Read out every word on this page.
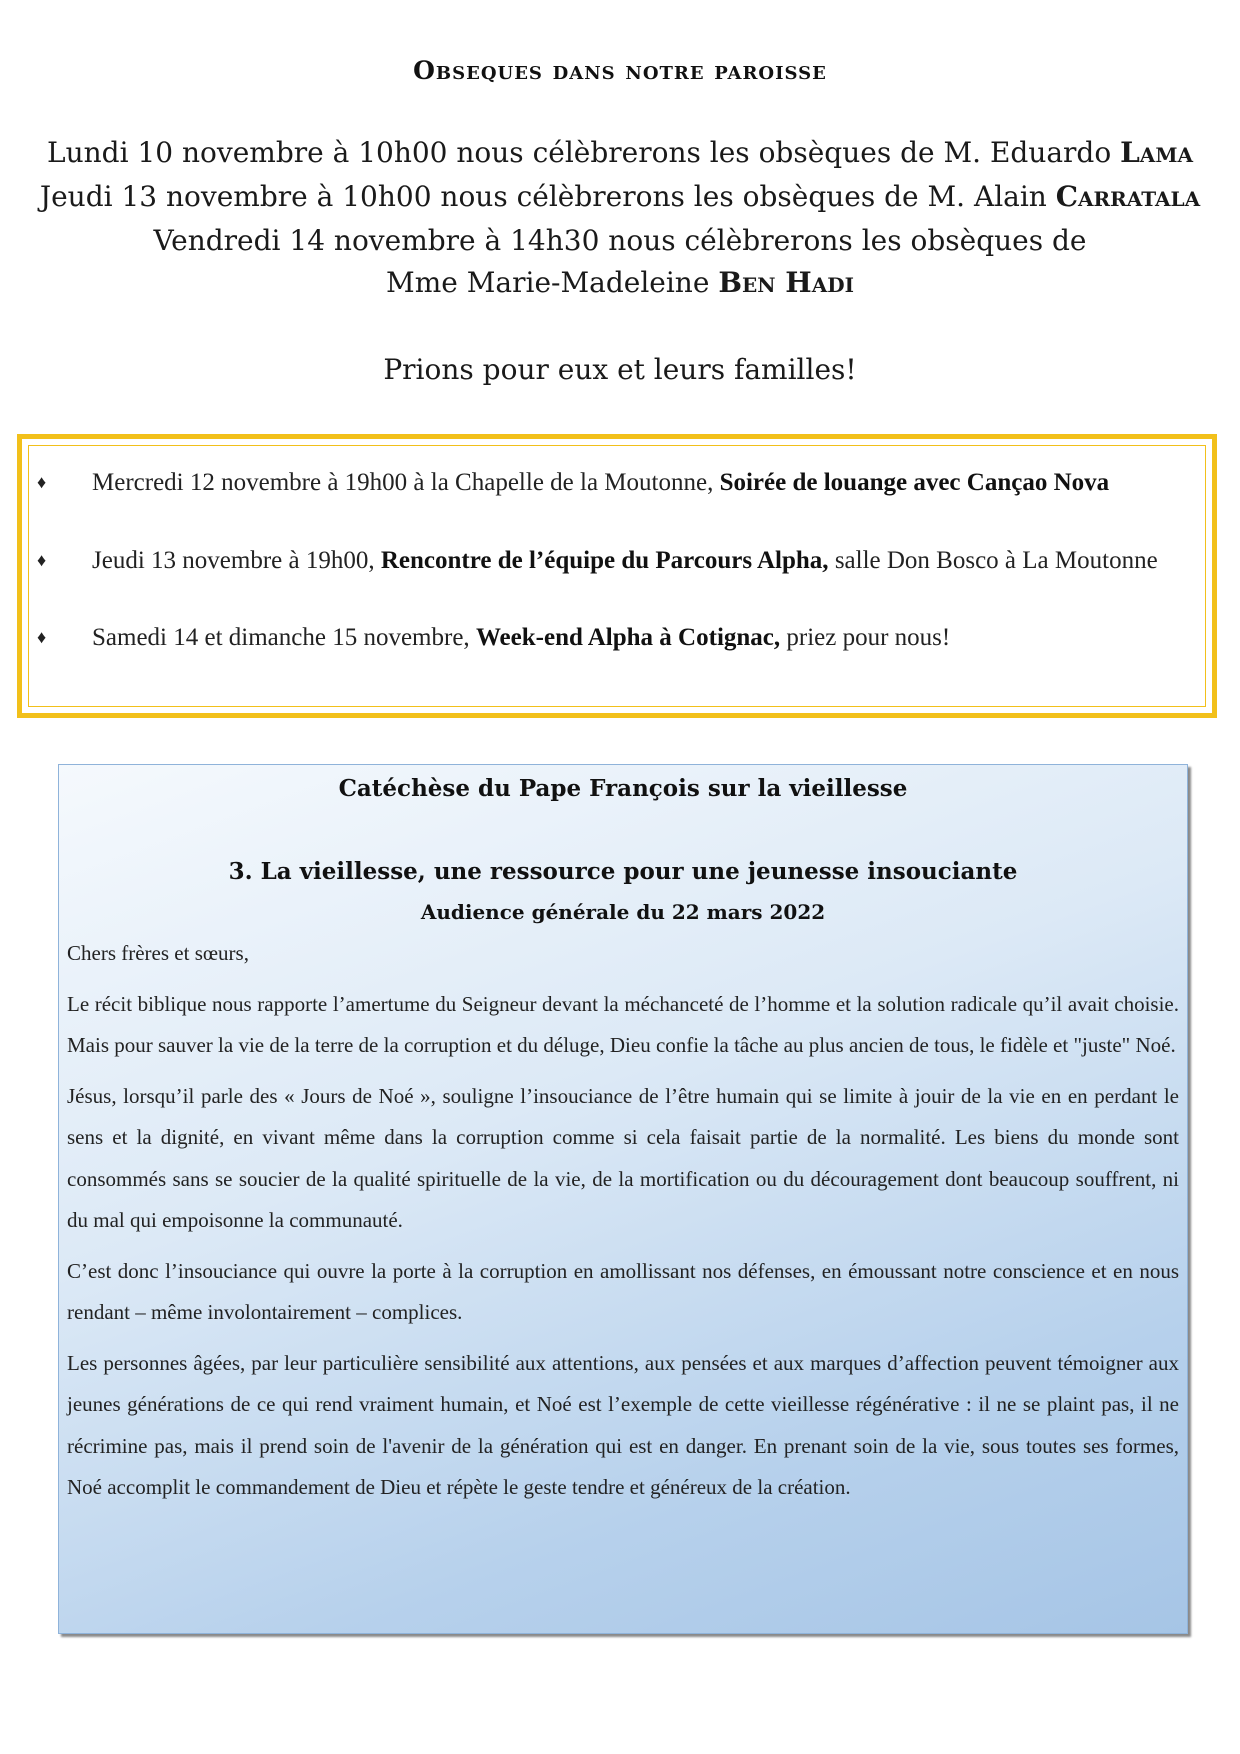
Obseques dans notre paroisse
Lundi 10 novembre à 10h00 nous célèbrerons les obsèques de M. Eduardo Lama
Jeudi 13 novembre à 10h00 nous célèbrerons les obsèques de M. Alain Carratala
Vendredi 14 novembre à 14h30 nous célèbrerons les obsèques de
Mme Marie-Madeleine Ben Hadi
Prions pour eux et leurs familles!
♦ Mercredi 12 novembre à 19h00 à la Chapelle de la Moutonne, Soirée de louange avec Cançao Nova
♦ Jeudi 13 novembre à 19h00, Rencontre de l’équipe du Parcours Alpha, salle Don Bosco à La Moutonne
♦ Samedi 14 et dimanche 15 novembre, Week-end Alpha à Cotignac, priez pour nous!
Catéchèse du Pape François sur la vieillesse
3. La vieillesse, une ressource pour une jeunesse insouciante
Audience générale du 22 mars 2022

Chers frères et sœurs,

Le récit biblique nous rapporte l’amertume du Seigneur devant la méchanceté de l’homme et la solution radicale qu’il avait choisie. Mais pour sauver la vie de la terre de la corruption et du déluge, Dieu confie la tâche au plus ancien de tous, le fidèle et "juste" Noé.

Jésus, lorsqu’il parle des « Jours de Noé », souligne l’insouciance de l’être humain qui se limite à jouir de la vie en en perdant le sens et la dignité, en vivant même dans la corruption comme si cela faisait partie de la normalité. Les biens du monde sont consommés sans se soucier de la qualité spirituelle de la vie, de la mortification ou du découragement dont beaucoup souffrent, ni du mal qui empoisonne la communauté.

C’est donc l’insouciance qui ouvre la porte à la corruption en amollissant nos défenses, en émoussant notre conscience et en nous rendant – même involontairement – complices.

Les personnes âgées, par leur particulière sensibilité aux attentions, aux pensées et aux marques d’affection peuvent témoigner aux jeunes générations de ce qui rend vraiment humain, et Noé est l’exemple de cette vieillesse régénérative : il ne se plaint pas, il ne récrimine pas, mais il prend soin de l'avenir de la génération qui est en danger. En prenant soin de la vie, sous toutes ses formes, Noé accomplit le commandement de Dieu et répète le geste tendre et généreux de la création.
